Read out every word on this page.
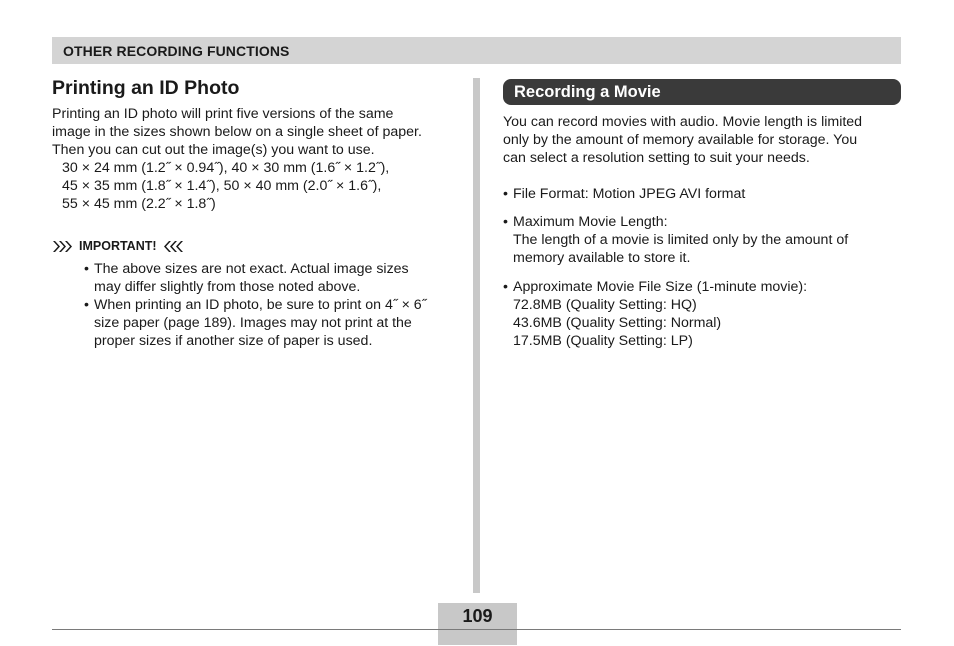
OTHER RECORDING FUNCTIONS
Printing an ID Photo

Printing an ID photo will print five versions of the same
image in the sizes shown below on a single sheet of paper.
Then you can cut out the image(s) you want to use.

30 × 24 mm (1.2˝ × 0.94˝), 40 × 30 mm (1.6˝ × 1.2˝),
45 × 35 mm (1.8˝ × 1.4˝), 50 × 40 mm (2.0˝ × 1.6˝),
55 × 45 mm (2.2˝ × 1.8˝)
IMPORTANT!
• The above sizes are not exact. Actual image sizes
may differ slightly from those noted above.
• When printing an ID photo, be sure to print on 4˝ × 6˝
size paper (page 189). Images may not print at the
proper sizes if another size of paper is used.
Recording a Movie

You can record movies with audio. Movie length is limited
only by the amount of memory available for storage. You
can select a resolution setting to suit your needs.

• File Format: Motion JPEG AVI format
• Maximum Movie Length:
The length of a movie is limited only by the amount of
memory available to store it.
• Approximate Movie File Size (1-minute movie):
72.8MB (Quality Setting: HQ)
43.6MB (Quality Setting: Normal)
17.5MB (Quality Setting: LP)
109
